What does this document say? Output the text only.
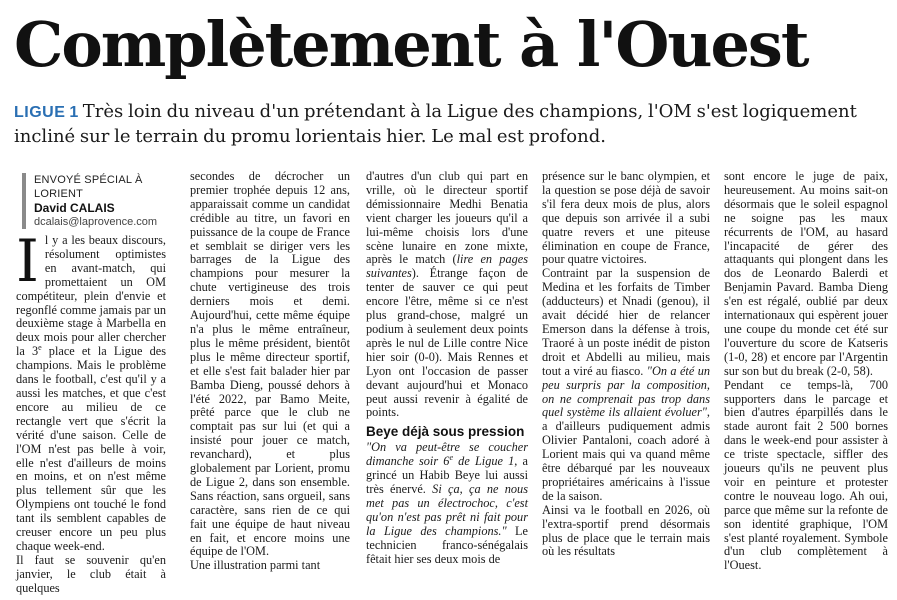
Complètement à l'Ouest

LIGUE 1 Très loin du niveau d'un prétendant à la Ligue des champions, l'OM s'est logiquement incliné sur le terrain du promu lorientais hier. Le mal est profond.

ENVOYÉ SPÉCIAL À LORIENT
David CALAIS
dcalais@laprovence.com

Il y a les beaux discours, résolument optimistes en avant-match, qui promettaient un OM compétiteur, plein d'envie et regonflé comme jamais par un deuxième stage à Marbella en deux mois pour aller chercher la 3e place et la Ligue des champions. Mais le problème dans le football, c'est qu'il y a aussi les matches, et que c'est encore au milieu de ce rectangle vert que s'écrit la vérité d'une saison. Celle de l'OM n'est pas belle à voir, elle n'est d'ailleurs de moins en moins, et on n'est même plus tellement sûr que les Olympiens ont touché le fond tant ils semblent capables de creuser encore un peu plus chaque week-end.

Il faut se souvenir qu'en janvier, le club était à quelques

secondes de décrocher un premier trophée depuis 12 ans, apparaissait comme un candidat crédible au titre, un favori en puissance de la coupe de France et semblait se diriger vers les barrages de la Ligue des champions pour mesurer la chute vertigineuse des trois derniers mois et demi. Aujourd'hui, cette même équipe n'a plus le même entraîneur, plus le même président, bientôt plus le même directeur sportif, et elle s'est fait balader hier par Bamba Dieng, poussé dehors à l'été 2022, par Bamo Meite, prêté parce que le club ne comptait pas sur lui (et qui a insisté pour jouer ce match, revanchard), et plus globalement par Lorient, promu de Ligue 2, dans son ensemble. Sans réaction, sans orgueil, sans caractère, sans rien de ce qui fait une équipe de haut niveau en fait, et encore moins une équipe de l'OM.

Une illustration parmi tant

d'autres d'un club qui part en vrille, où le directeur sportif démissionnaire Medhi Benatia vient charger les joueurs qu'il a lui-même choisis lors d'une scène lunaire en zone mixte, après le match (lire en pages suivantes). Étrange façon de tenter de sauver ce qui peut encore l'être, même si ce n'est plus grand-chose, malgré un podium à seulement deux points après le nul de Lille contre Nice hier soir (0-0). Mais Rennes et Lyon ont l'occasion de passer devant aujourd'hui et Monaco peut aussi revenir à égalité de points.

Beye déjà sous pression

"On va peut-être se coucher dimanche soir 6e de Ligue 1, a grincé un Habib Beye lui aussi très énervé. Si ça, ça ne nous met pas un électrochoc, c'est qu'on n'est pas prêt ni fait pour la Ligue des champions." Le technicien franco-sénégalais fêtait hier ses deux mois de

présence sur le banc olympien, et la question se pose déjà de savoir s'il fera deux mois de plus, alors que depuis son arrivée il a subi quatre revers et une piteuse élimination en coupe de France, pour quatre victoires.

Contraint par la suspension de Medina et les forfaits de Timber (adducteurs) et Nnadi (genou), il avait décidé hier de relancer Emerson dans la défense à trois, Traoré à un poste inédit de piston droit et Abdelli au milieu, mais tout a viré au fiasco. "On a été un peu surpris par la composition, on ne comprenait pas trop dans quel système ils allaient évoluer", a d'ailleurs pudiquement admis Olivier Pantaloni, coach adoré à Lorient mais qui va quand même être débarqué par les nouveaux propriétaires américains à l'issue de la saison.

Ainsi va le football en 2026, où l'extra-sportif prend désormais plus de place que le terrain mais où les résultats

sont encore le juge de paix, heureusement. Au moins sait-on désormais que le soleil espagnol ne soigne pas les maux récurrents de l'OM, au hasard l'incapacité de gérer des attaquants qui plongent dans les dos de Leonardo Balerdi et Benjamin Pavard. Bamba Dieng s'en est régalé, oublié par deux internationaux qui espèrent jouer une coupe du monde cet été sur l'ouverture du score de Katseris (1-0, 28) et encore par l'Argentin sur son but du break (2-0, 58).

Pendant ce temps-là, 700 supporters dans le parcage et bien d'autres éparpillés dans le stade auront fait 2 500 bornes dans le week-end pour assister à ce triste spectacle, siffler des joueurs qu'ils ne peuvent plus voir en peinture et protester contre le nouveau logo. Ah oui, parce que même sur la refonte de son identité graphique, l'OM s'est planté royalement. Symbole d'un club complètement à l'Ouest.
